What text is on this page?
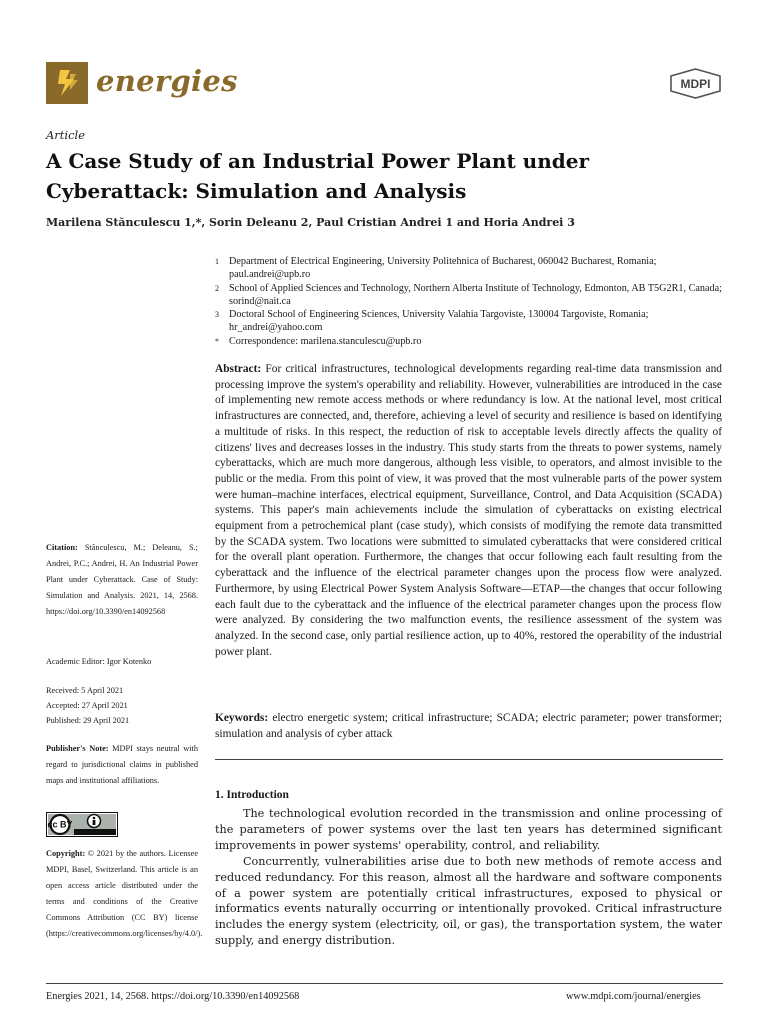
energies	MDPI
Article
A Case Study of an Industrial Power Plant under Cyberattack: Simulation and Analysis
Marilena Stănculescu 1,*, Sorin Deleanu 2, Paul Cristian Andrei 1 and Horia Andrei 3
1 Department of Electrical Engineering, University Politehnica of Bucharest, 060042 Bucharest, Romania; paul.andrei@upb.ro
2 School of Applied Sciences and Technology, Northern Alberta Institute of Technology, Edmonton, AB T5G2R1, Canada; sorind@nait.ca
3 Doctoral School of Engineering Sciences, University Valahia Targoviste, 130004 Targoviste, Romania; hr_andrei@yahoo.com
* Correspondence: marilena.stanculescu@upb.ro
Abstract: For critical infrastructures, technological developments regarding real-time data transmission and processing improve the system's operability and reliability. However, vulnerabilities are introduced in the case of implementing new remote access methods or where redundancy is low. At the national level, most critical infrastructures are connected, and, therefore, achieving a level of security and resilience is based on identifying a multitude of risks. In this respect, the reduction of risk to acceptable levels directly affects the quality of citizens' lives and decreases losses in the industry. This study starts from the threats to power systems, namely cyberattacks, which are much more dangerous, although less visible, to operators, and almost invisible to the public or the media. From this point of view, it was proved that the most vulnerable parts of the power system were human–machine interfaces, electrical equipment, Surveillance, Control, and Data Acquisition (SCADA) systems. This paper's main achievements include the simulation of cyberattacks on existing electrical equipment from a petrochemical plant (case study), which consists of modifying the remote data transmitted by the SCADA system. Two locations were submitted to simulated cyberattacks that were considered critical for the overall plant operation. Furthermore, the changes that occur following each fault resulting from the cyberattack and the influence of the electrical parameter changes upon the process flow were analyzed. Furthermore, by using Electrical Power System Analysis Software—ETAP—the changes that occur following each fault due to the cyberattack and the influence of the electrical parameter changes upon the process flow were analyzed. By considering the two malfunction events, the resilience assessment of the system was analyzed. In the second case, only partial resilience action, up to 40%, restored the operability of the industrial power plant.
Keywords: electro energetic system; critical infrastructure; SCADA; electric parameter; power transformer; simulation and analysis of cyber attack
Citation: Stănculescu, M.; Deleanu, S.; Andrei, P.C.; Andrei, H. An Industrial Power Plant under Cyberattack. Case of Study: Simulation and Analysis. 2021, 14, 2568. https://doi.org/10.3390/en14092568
Academic Editor: Igor Kotenko
Received: 5 April 2021
Accepted: 27 April 2021
Published: 29 April 2021
Publisher's Note: MDPI stays neutral with regard to jurisdictional claims in published maps and institutional affiliations.
cc BY
Copyright: © 2021 by the authors. Licensee MDPI, Basel, Switzerland. This article is an open access article distributed under the terms and conditions of the Creative Commons Attribution (CC BY) license (https://creativecommons.org/licenses/by/4.0/).
1. Introduction

The technological evolution recorded in the transmission and online processing of the parameters of power systems over the last ten years has determined significant improvements in power systems' operability, control, and reliability.

Concurrently, vulnerabilities arise due to both new methods of remote access and reduced redundancy. For this reason, almost all the hardware and software components of a power system are potentially critical infrastructures, exposed to physical or informatics events naturally occurring or intentionally provoked. Critical infrastructure includes the energy system (electricity, oil, or gas), the transportation system, the water supply, and energy distribution.

Energies 2021, 14, 2568. https://doi.org/10.3390/en14092568	www.mdpi.com/journal/energies
